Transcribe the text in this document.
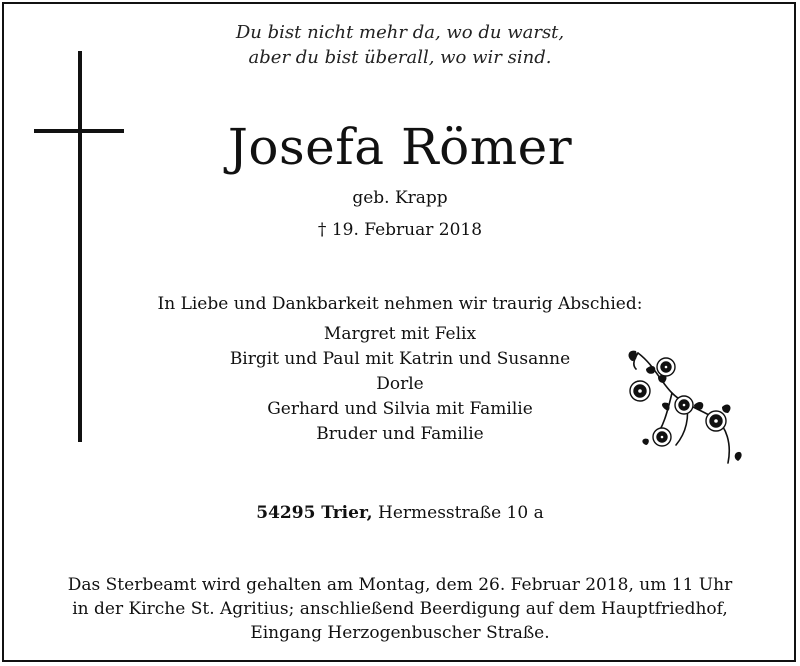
Du bist nicht mehr da, wo du warst,
aber du bist überall, wo wir sind.
Josefa Römer
geb. Krapp
† 19. Februar 2018
In Liebe und Dankbarkeit nehmen wir traurig Abschied:
Margret mit Felix
Birgit und Paul mit Katrin und Susanne
Dorle
Gerhard und Silvia mit Familie
Bruder und Familie
54295 Trier, Hermesstraße 10 a
Das Sterbeamt wird gehalten am Montag, dem 26. Februar 2018, um 11 Uhr
in der Kirche St. Agritius; anschließend Beerdigung auf dem Hauptfriedhof,
Eingang Herzogenbuscher Straße.
